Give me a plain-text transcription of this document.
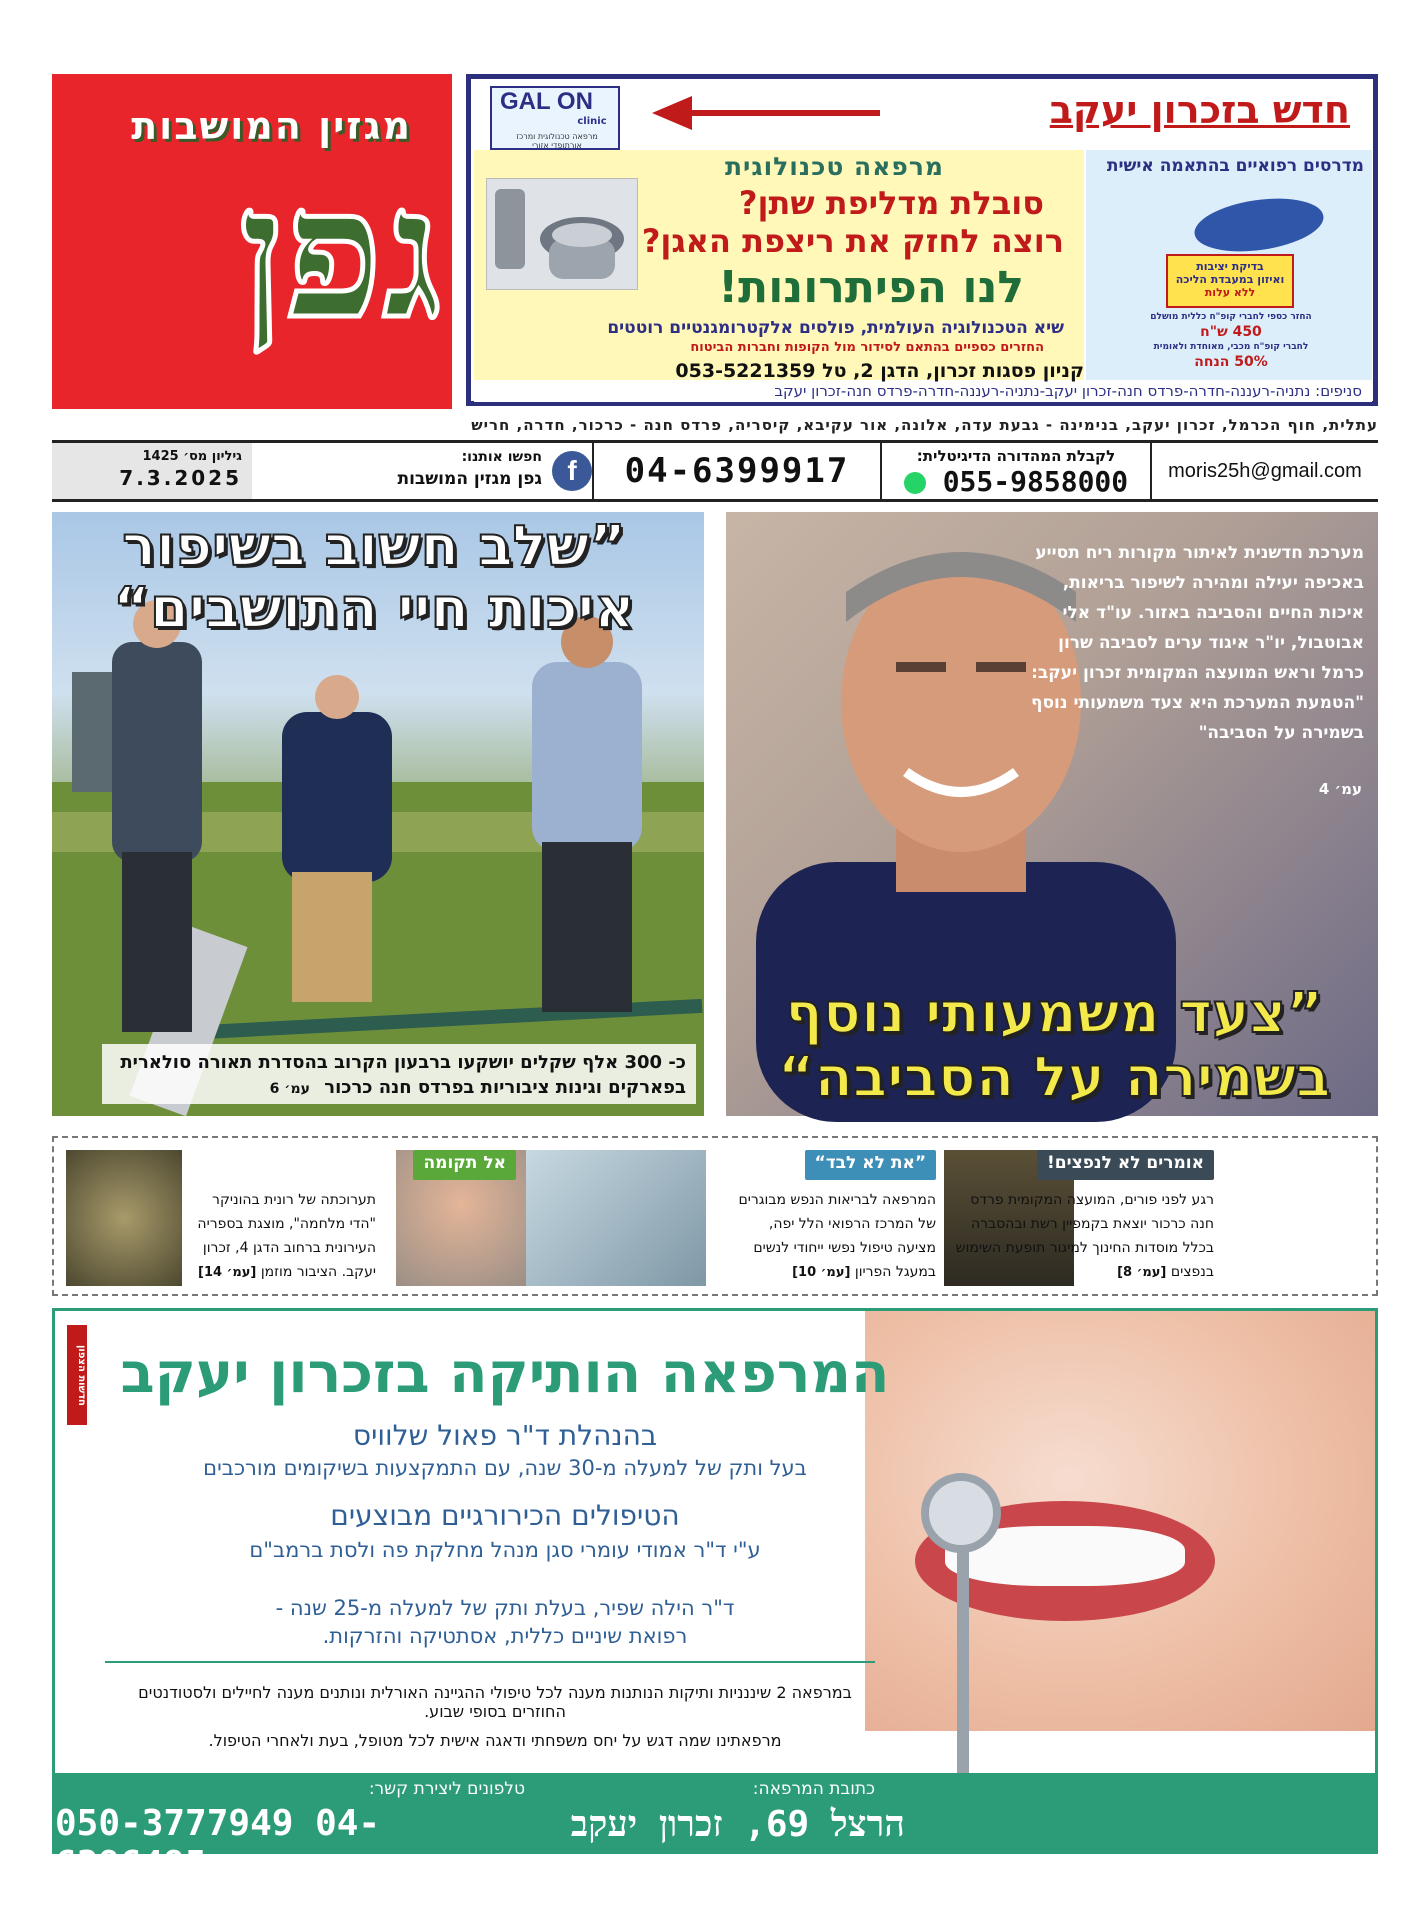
מגזין המושבות
גפן
GAL ON
clinic
מרפאה טכנולוגית ומרכז אורתופדי אזורי
חדש בזכרון יעקב
מרפאה טכנולוגית
סובלת מדליפת שתן?
רוצה לחזק את ריצפת האגן?
לנו הפיתרונות!
שיא הטכנולוגיה העולמית, פולסים אלקטרומגנטיים רוטטים
החזרים כספיים בהתאם לסידור מול הקופות וחברות הביטוח
קניון פסגות זכרון, הדגן 2, טל 053-5221359
מדרסים רפואיים בהתאמה אישית
בדיקת יציבות
ואיזון במעבדת הליכה
ללא עלות
החזר כספי לחברי קופ"ח כללית מושלם
450 ש"ח
לחברי קופ"ח מכבי, מאוחדת ולאומית
50% הנחה
סניפים: נתניה-רעננה-חדרה-פרדס חנה-זכרון יעקב-נתניה-רעננה-חדרה-פרדס חנה-זכרון יעקב
עתלית, חוף הכרמל, זכרון יעקב, בנימינה - גבעת עדה, אלונה, אור עקיבא, קיסריה, פרדס חנה - כרכור, חדרה, חריש
גיליון מס׳ 1425
7.3.2025	f
חפשו אותנו:
גפן מגזין המושבות	04-6399917	לקבלת המהדורה הדיגיטלית:
055-9858000	moris25h@gmail.com
”שלב חשוב בשיפור איכות חיי התושבים“
כ- 300 אלף שקלים יושקעו ברבעון הקרוב בהסדרת תאורה סולארית בפארקים וגינות ציבוריות בפרדס חנה כרכור עמ׳ 6
מערכת חדשנית לאיתור מקורות ריח תסייע באכיפה יעילה ומהירה לשיפור בריאות, איכות החיים והסביבה באזור. עו"ד אלי אבוטבול, יו"ר איגוד ערים לסביבה שרון כרמל וראש המועצה המקומית זכרון יעקב: "הטמעת המערכת היא צעד משמעותי נוסף בשמירה על הסביבה"
עמ׳ 4
”צעד משמעותי נוסף בשמירה על הסביבה“
אומרים לא לנפצים!
רגע לפני פורים, המועצה המקומית פרדס חנה כרכור יוצאת בקמפיין רשת ובהסברה בכלל מוסדות החינוך למיגור תופעת השימוש בנפצים [עמ׳ 8]
”את לא לבד“
המרפאה לבריאות הנפש מבוגרים של המרכז הרפואי הלל יפה, מציעה טיפול נפשי ייחודי לנשים במעגל הפריון [עמ׳ 10]
אל תקומה
תערוכתה של רונית בהוניקר "הדי מלחמה", מוצגת בספריה העירונית ברחוב הדגן 4, זכרון יעקב. הציבור מוזמן [עמ׳ 14]
חדשות הצפון המרפאה הותיקה בזכרון יעקב
בהנהלת ד"ר פאול שלוויס
בעל ותק של למעלה מ-30 שנה, עם התמקצעות בשיקומים מורכבים
הטיפולים הכירורגיים מבוצעים
ע"י ד"ר אמודי עומרי סגן מנהל מחלקת פה ולסת ברמב"ם
ד"ר הילה שפיר, בעלת ותק של למעלה מ-25 שנה -
רפואת שיניים כללית, אסתטיקה והזרקות.
במרפאה 2 שיננניות ותיקות הנותנות מענה לכל טיפולי ההגיינה האורלית ונותנים מענה לחיילים ולסטודנטים החוזרים בסופי שבוע.
מרפאתינו שמה דגש על יחס משפחתי ודאגה אישית לכל מטופל, בעת ולאחרי הטיפול.
כתובת המרפאה:
הרצל 69, זכרון יעקב
טלפונים ליצירת קשר:
050-3777949 04-6396495
